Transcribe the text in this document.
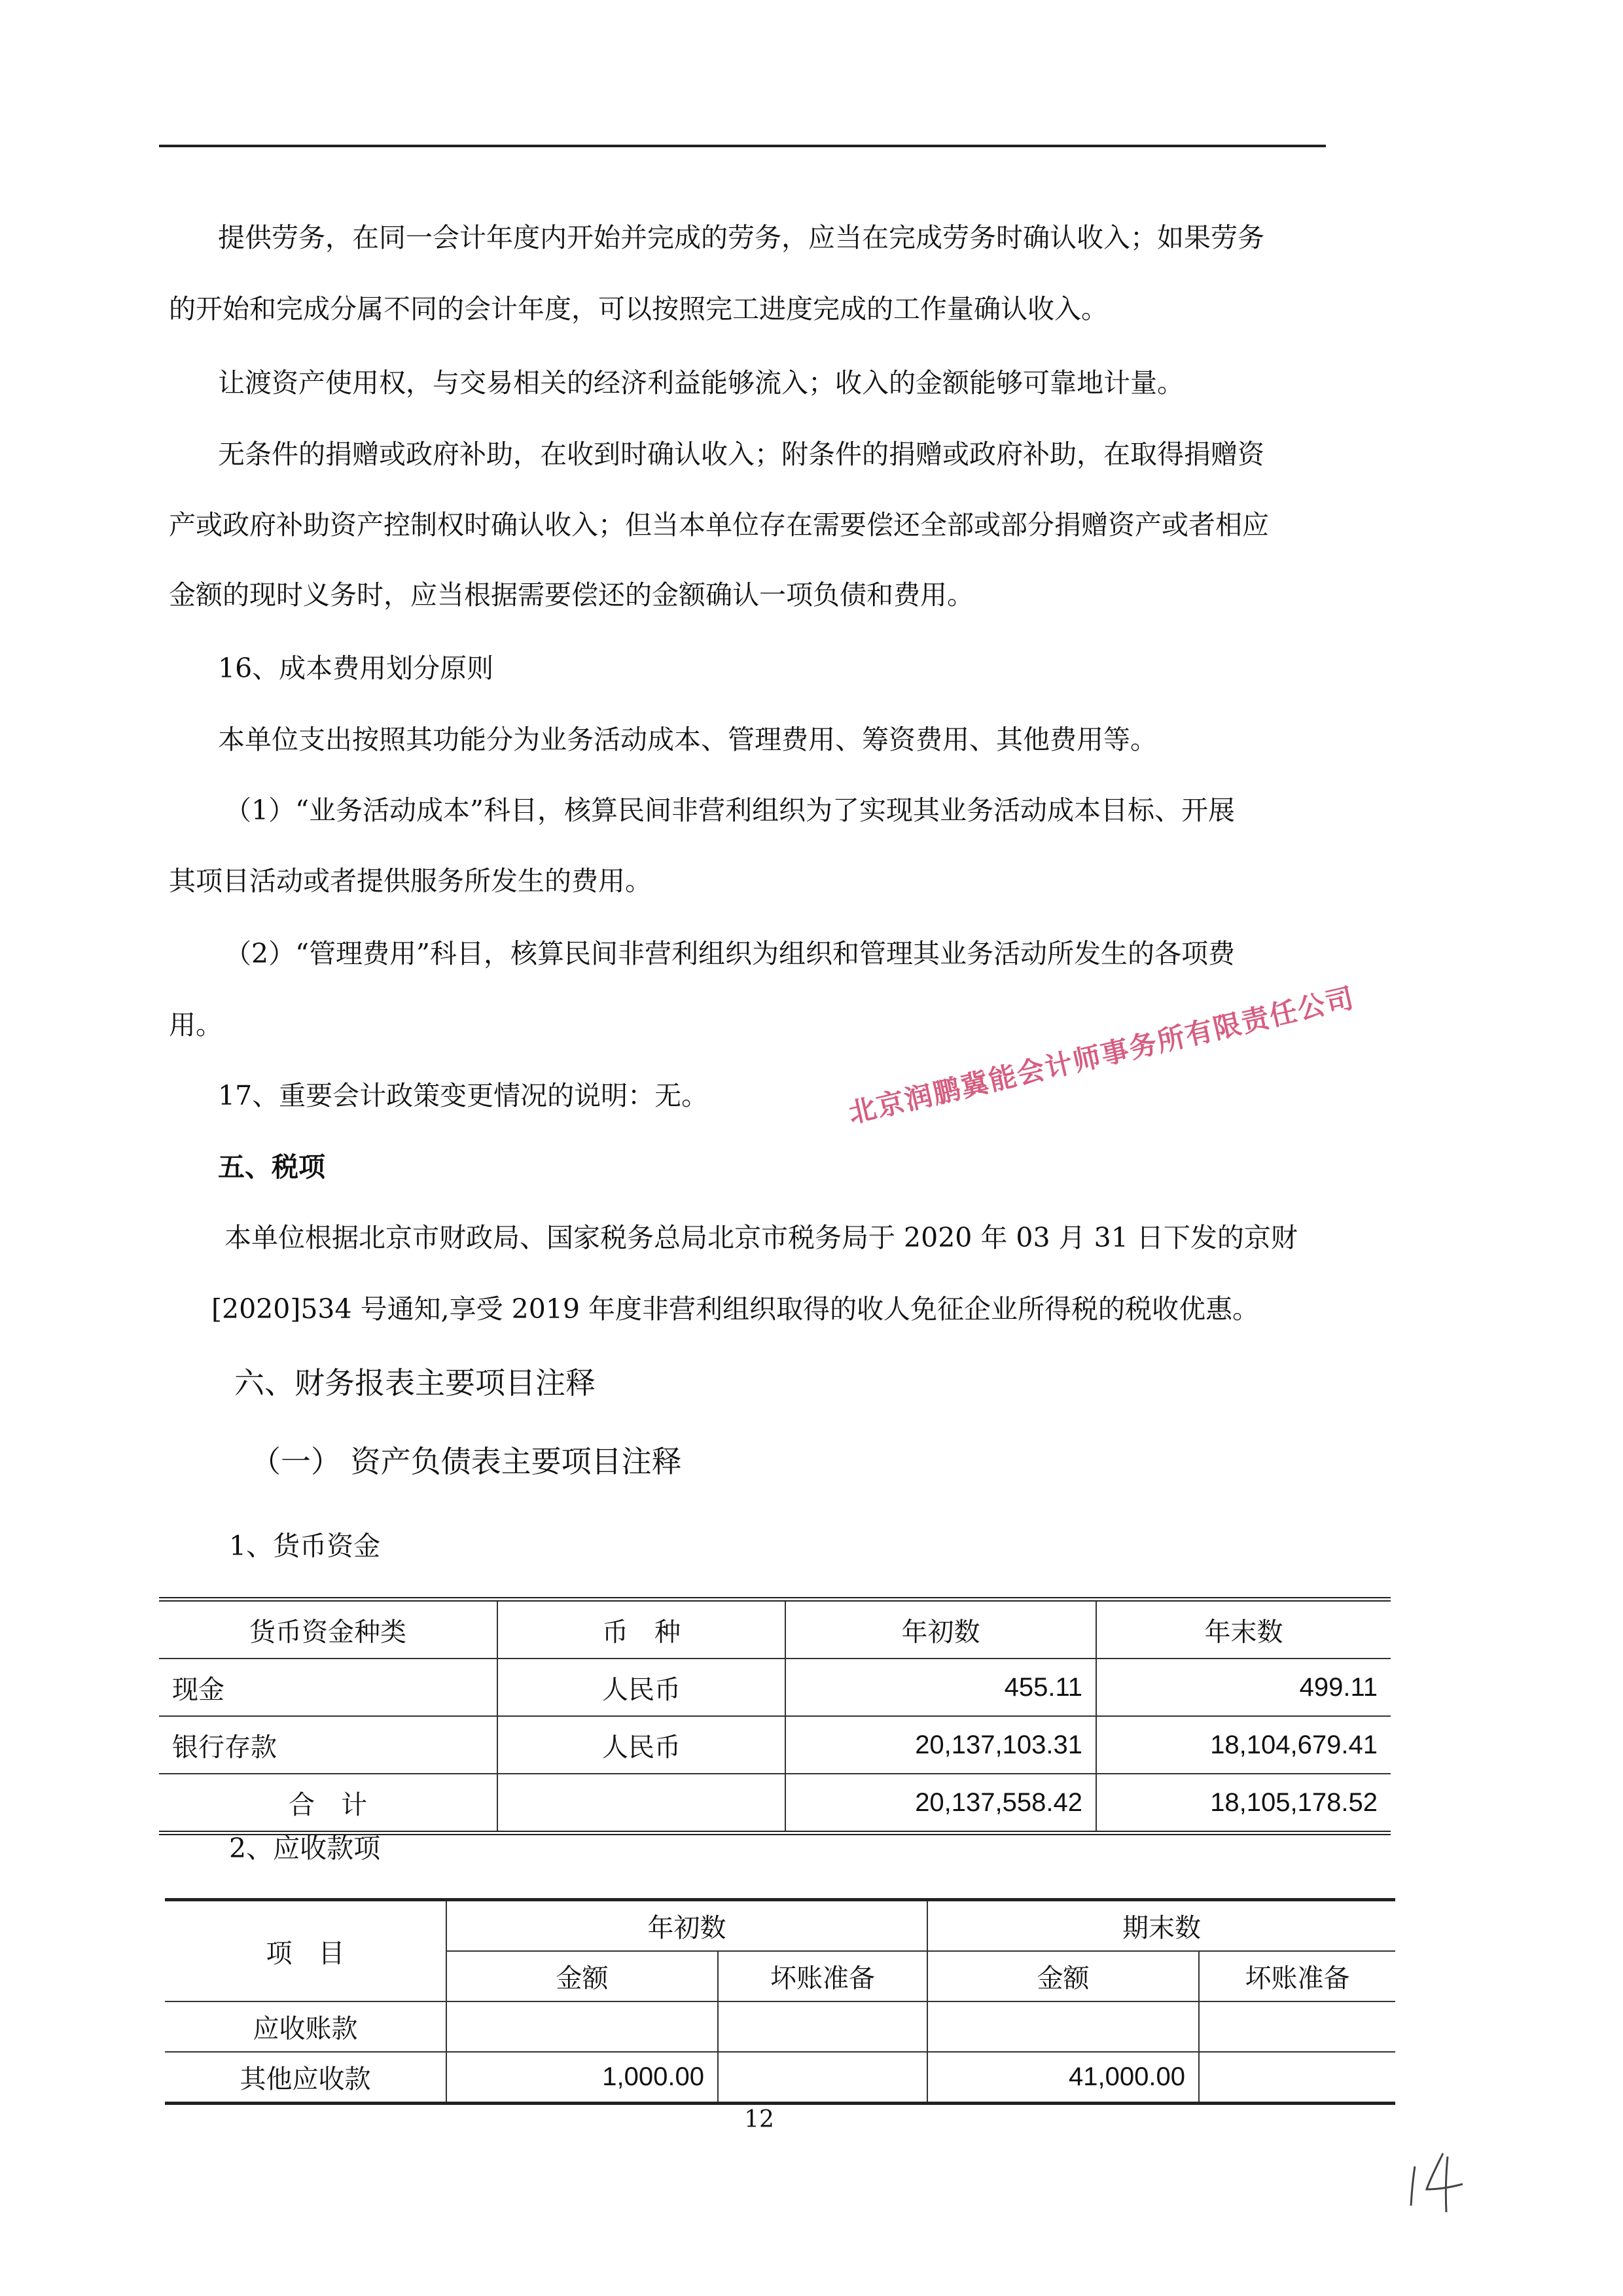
提供劳务，在同一会计年度内开始并完成的劳务，应当在完成劳务时确认收入；如果劳务
的开始和完成分属不同的会计年度，可以按照完工进度完成的工作量确认收入。
让渡资产使用权，与交易相关的经济利益能够流入；收入的金额能够可靠地计量。
无条件的捐赠或政府补助，在收到时确认收入；附条件的捐赠或政府补助，在取得捐赠资
产或政府补助资产控制权时确认收入；但当本单位存在需要偿还全部或部分捐赠资产或者相应
金额的现时义务时，应当根据需要偿还的金额确认一项负债和费用。
16、成本费用划分原则
本单位支出按照其功能分为业务活动成本、管理费用、筹资费用、其他费用等。
（1）“业务活动成本”科目，核算民间非营利组织为了实现其业务活动成本目标、开展
其项目活动或者提供服务所发生的费用。
（2）“管理费用”科目，核算民间非营利组织为组织和管理其业务活动所发生的各项费
用。
17、重要会计政策变更情况的说明：无。
五、税项
本单位根据北京市财政局、国家税务总局北京市税务局于 2020 年 03 月 31 日下发的京财
[2020]534 号通知,享受 2019 年度非营利组织取得的收人免征企业所得税的税收优惠。
六、财务报表主要项目注释
（一） 资产负债表主要项目注释
1、货币资金
货币资金种类	币　种	年初数	年末数
现金	人民币	455.11	499.11
银行存款	人民币	20,137,103.31	18,104,679.41
合　计		20,137,558.42	18,105,178.52
2、应收款项
项　目	年初数		期末数	
	金额	坏账准备	金额	坏账准备
应收账款				
其他应收款	1,000.00		41,000.00	
12
北京润鹏冀能会计师事务所有限责任公司
